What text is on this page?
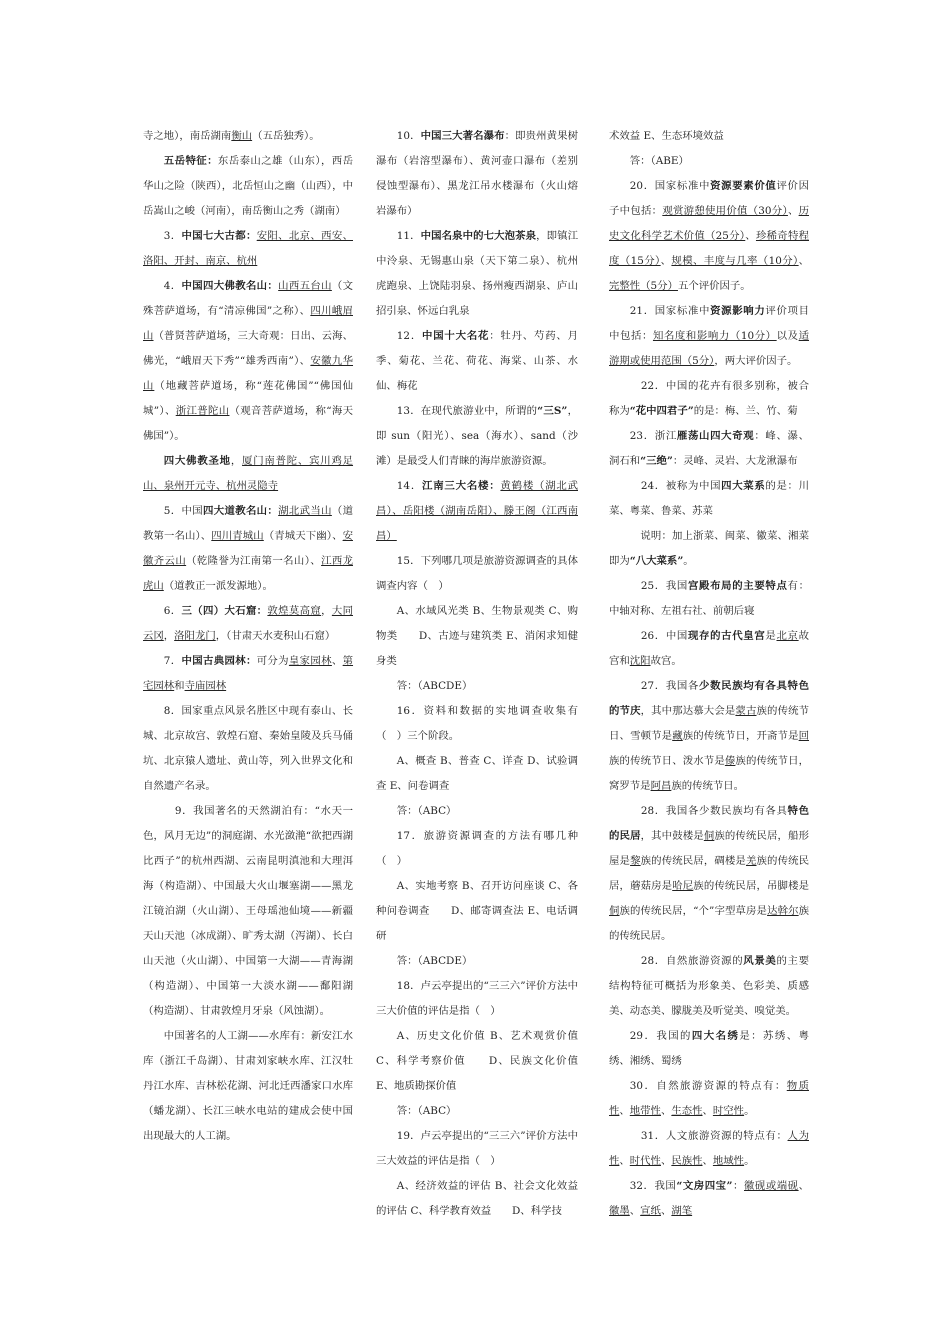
寺之地），南岳湖南衡山（五岳独秀）。

五岳特征：东岳泰山之雄（山东），西岳华山之险（陕西），北岳恒山之幽（山西），中岳嵩山之峻（河南），南岳衡山之秀（湖南）

3．中国七大古都：安阳、北京、西安、洛阳、开封、南京、杭州

4．中国四大佛教名山：山西五台山（文殊菩萨道场，有“清凉佛国”之称）、四川峨眉山（普贤菩萨道场，三大奇观：日出、云海、佛光，“峨眉天下秀”“雄秀西南”）、安徽九华山（地藏菩萨道场，称“莲花佛国”“佛国仙城”）、浙江普陀山（观音菩萨道场，称“海天佛国”）。

四大佛教圣地，厦门南普陀、宾川鸡足山、泉州开元寺、杭州灵隐寺

5．中国四大道教名山：湖北武当山（道教第一名山）、四川青城山（青城天下幽）、安徽齐云山（乾隆誉为江南第一名山）、江西龙虎山（道教正一派发源地）。

6．三（四）大石窟：敦煌莫高窟，大同云冈，洛阳龙门，（甘肃天水麦积山石窟）

7．中国古典园林：可分为皇家园林、第宅园林和寺庙园林

8．国家重点风景名胜区中现有泰山、长城、北京故宫、敦煌石窟、秦始皇陵及兵马俑坑、北京猿人遗址、黄山等，列入世界文化和自然遗产名录。

　9．我国著名的天然湖泊有：“水天一色，风月无边”的洞庭湖、水光潋滟“欲把西湖比西子”的杭州西湖、云南昆明滇池和大理洱海（构造湖）、中国最大火山堰塞湖——黑龙江镜泊湖（火山湖）、王母瑶池仙境——新疆天山天池（冰成湖）、旷秀太湖（泻湖）、长白山天池（火山湖）、中国第一大湖——青海湖（构造湖）、中国第一大淡水湖——鄱阳湖（构造湖）、甘肃敦煌月牙泉（风蚀湖）。

中国著名的人工湖——水库有：新安江水库（浙江千岛湖）、甘肃刘家峡水库、江汉牡丹江水库、吉林松花湖、河北迁西潘家口水库（蟠龙湖）、长江三峡水电站的建成会使中国出现最大的人工湖。

10．中国三大著名瀑布：即贵州黄果树瀑布（岩溶型瀑布）、黄河壶口瀑布（差别侵蚀型瀑布）、黑龙江吊水楼瀑布（火山熔岩瀑布）

11．中国名泉中的七大泡茶泉，即镇江中泠泉、无锡惠山泉（天下第二泉）、杭州虎跑泉、上饶陆羽泉、扬州瘦西湖泉、庐山招引泉、怀远白乳泉

12．中国十大名花：牡丹、芍药、月季、菊花、兰花、荷花、海棠、山茶、水仙、梅花

13．在现代旅游业中，所谓的“三S”，即 sun（阳光）、sea（海水）、sand（沙滩）是最受人们青睐的海岸旅游资源。

14．江南三大名楼：黄鹤楼（湖北武昌）、岳阳楼（湖南岳阳）、滕王阁（江西南昌）

15．下列哪几项是旅游资源调查的具体调查内容（　）

A、水域风光类 B、生物景观类 C、购物类　　D、古迹与建筑类 E、消闲求知健身类

答：（ABCDE）

16．资料和数据的实地调查收集有（　）三个阶段。

A、概查 B、普查 C、详查 D、试验调查 E、问卷调查

答：（ABC）

17．旅游资源调查的方法有哪几种（　）

A、实地考察 B、召开访问座谈 C、各种问卷调查　　D、邮寄调查法 E、电话调研

答：（ABCDE）

18．卢云亭提出的“三三六”评价方法中三大价值的评估是指（　）

A、历史文化价值 B、艺术观赏价值 C、科学考察价值　　D、民族文化价值 E、地质勘探价值

答：（ABC）

19．卢云亭提出的“三三六”评价方法中三大效益的评估是指（　）

A、经济效益的评估 B、社会文化效益的评估 C、科学教育效益　　D、科学技

术效益 E、生态环境效益

答：（ABE）

20．国家标准中资源要素价值评价因子中包括：观赏游憩使用价值（30分）、历史文化科学艺术价值（25分）、珍稀奇特程度（15分）、规模、丰度与几率（10分）、完整性（5分）五个评价因子。

21．国家标准中资源影响力评价项目中包括：知名度和影响力（10分）以及适游期或使用范围（5分），两大评价因子。

　22．中国的花卉有很多别称，被合称为“花中四君子”的是：梅、兰、竹、菊

23．浙江雁荡山四大奇观：峰、瀑、洞石和“三绝”：灵峰、灵岩、大龙湫瀑布

　24．被称为中国四大菜系的是：川菜、粤菜、鲁菜、苏菜

　说明：加上浙菜、闽菜、徽菜、湘菜即为“八大菜系”。

　25．我国宫殿布局的主要特点有：中轴对称、左祖右社、前朝后寝

　26．中国现存的古代皇宫是北京故宫和沈阳故宫。

　27．我国各少数民族均有各具特色的节庆，其中那达慕大会是蒙古族的传统节日、雪顿节是藏族的传统节日，开斋节是回族的传统节日、泼水节是傣族的传统节日，窝罗节是阿昌族的传统节日。

　28．我国各少数民族均有各具特色的民居，其中鼓楼是侗族的传统民居，船形屋是黎族的传统民居，碉楼是羌族的传统民居，蘑菇房是哈尼族的传统民居，吊脚楼是侗族的传统民居，“个”字型草房是达斡尔族的传统民居。

　28．自然旅游资源的风景美的主要结构特征可概括为形象美、色彩美、质感美、动态美、朦胧美及听觉美、嗅觉美。

29．我国的四大名绣是：苏绣、粤绣、湘绣、蜀绣

30．自然旅游资源的特点有：物质性、地带性、生态性、时空性。

　31．人文旅游资源的特点有：人为性、时代性、民族性、地域性。

32．我国“文房四宝”：徽砚或端砚、徽墨、宣纸、湖笔
